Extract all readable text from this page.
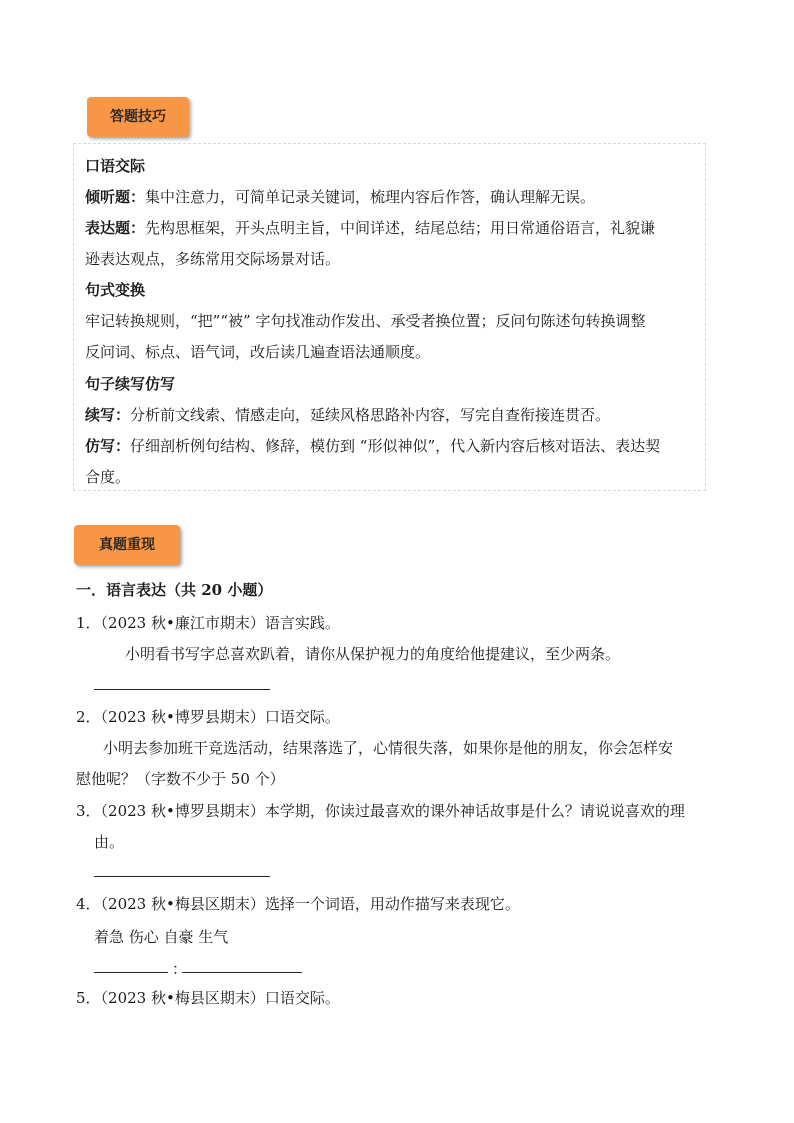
答题技巧
口语交际
倾听题：集中注意力，可简单记录关键词，梳理内容后作答，确认理解无误。
表达题：先构思框架，开头点明主旨，中间详述，结尾总结；用日常通俗语言，礼貌谦
逊表达观点，多练常用交际场景对话。
句式变换
牢记转换规则，“把”“被” 字句找准动作发出、承受者换位置；反问句陈述句转换调整
反问词、标点、语气词，改后读几遍查语法通顺度。
句子续写仿写
续写：分析前文线索、情感走向，延续风格思路补内容，写完自查衔接连贯否。
仿写：仔细剖析例句结构、修辞，模仿到 “形似神似”，代入新内容后核对语法、表达契
合度。
真题重现
一．语言表达（共 20 小题）
1．（2023 秋•廉江市期末）语言实践。
小明看书写字总喜欢趴着，请你从保护视力的角度给他提建议，至少两条。
2．（2023 秋•博罗县期末）口语交际。
小明去参加班干竞选活动，结果落选了，心情很失落，如果你是他的朋友，你会怎样安
慰他呢？（字数不少于 50 个）
3．（2023 秋•博罗县期末）本学期，你读过最喜欢的课外神话故事是什么？请说说喜欢的理
由。
4．（2023 秋•梅县区期末）选择一个词语，用动作描写来表现它。
着急 伤心 自豪 生气
：
5．（2023 秋•梅县区期末）口语交际。
